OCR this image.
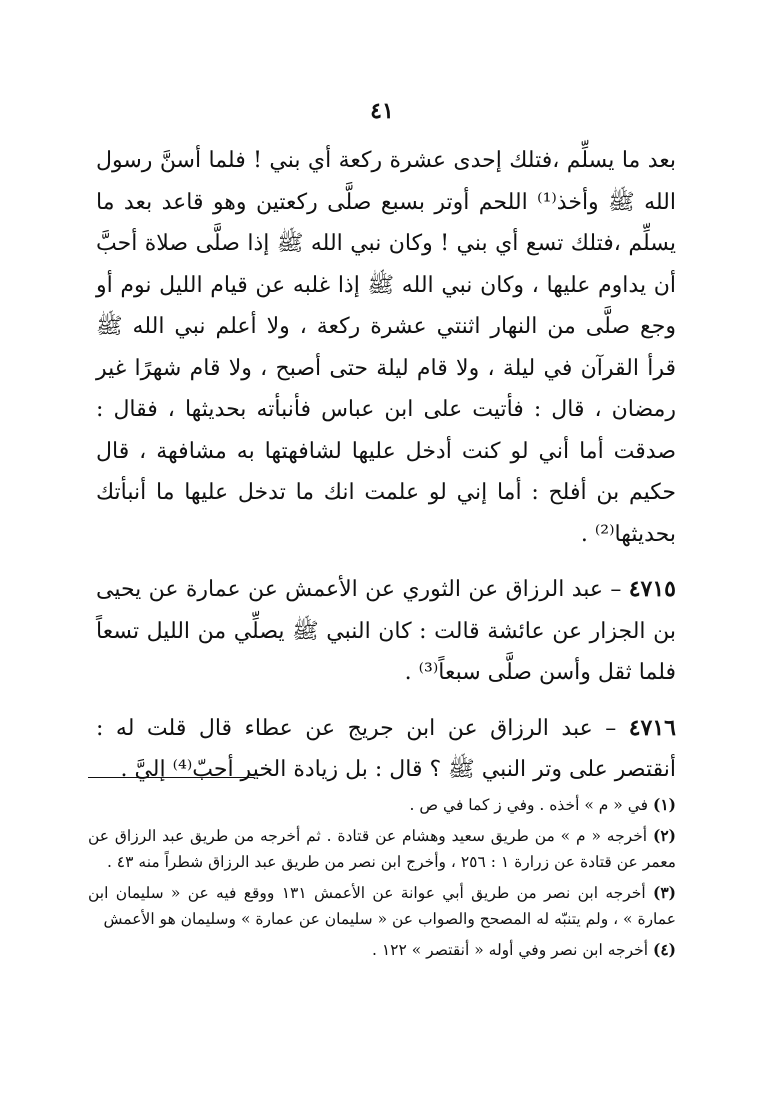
٤١

بعد ما يسلِّم ،فتلك إحدى عشرة ركعة أي بني ! فلما أسنَّ رسول الله ﷺ وأخذ⁽¹⁾ اللحم أوتر بسبع صلَّى ركعتين وهو قاعد بعد ما يسلِّم ،فتلك تسع أي بني ! وكان نبي الله ﷺ إذا صلَّى صلاة أحبَّ أن يداوم عليها ، وكان نبي الله ﷺ إذا غلبه عن قيام الليل نوم أو وجع صلَّى من النهار اثنتي عشرة ركعة ، ولا أعلم نبي الله ﷺ قرأ القرآن في ليلة ، ولا قام ليلة حتى أصبح ، ولا قام شهرًا غير رمضان ، قال : فأتيت على ابن عباس فأنبأته بحديثها ، فقال : صدقت أما أني لو كنت أدخل عليها لشافهتها به مشافهة ، قال حكيم بن أفلح : أما إني لو علمت انك ما تدخل عليها ما أنبأتك بحديثها⁽²⁾ .

٤٧١٥ – عبد الرزاق عن الثوري عن الأعمش عن عمارة عن يحيى بن الجزار عن عائشة قالت : كان النبي ﷺ يصلِّي من الليل تسعاً فلما ثقل وأسن صلَّى سبعاً⁽³⁾ .

٤٧١٦ – عبد الرزاق عن ابن جريج عن عطاء قال قلت له : أنقتصر على وتر النبي ﷺ ؟ قال : بل زيادة الخير أحبّ⁽⁴⁾ إليَّ .

(١) في « م » أخذه . وفي ز كما في ص .

(٢) أخرجه « م » من طريق سعيد وهشام عن قتادة . ثم أخرجه من طريق عبد الرزاق عن معمر عن قتادة عن زرارة ١ : ٢٥٦ ، وأخرج ابن نصر من طريق عبد الرزاق شطراً منه ٤٣ .

(٣) أخرجه ابن نصر من طريق أبي عوانة عن الأعمش ١٣١ ووقع فيه عن « سليمان ابن عمارة » ، ولم يتنبّه له المصحح والصواب عن « سليمان عن عمارة » وسليمان هو الأعمش

(٤) أخرجه ابن نصر وفي أوله « أنقتصر » ١٢٢ .
